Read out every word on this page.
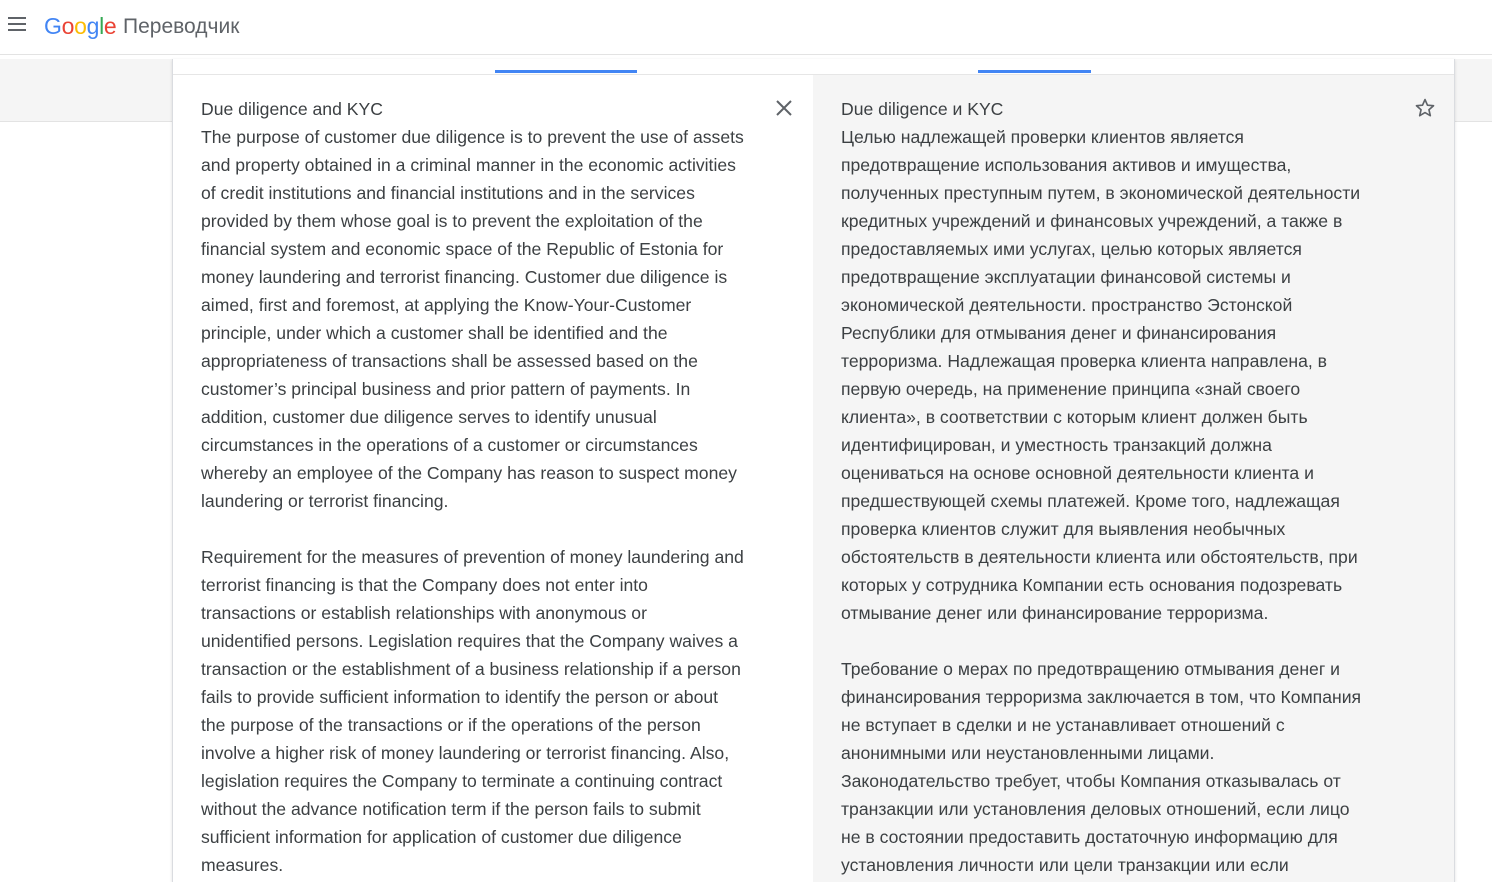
Google Переводчик
Due diligence and KYC
The purpose of customer due diligence is to prevent the use of assets
and property obtained in a criminal manner in the economic activities
of credit institutions and financial institutions and in the services
provided by them whose goal is to prevent the exploitation of the
financial system and economic space of the Republic of Estonia for
money laundering and terrorist financing. Customer due diligence is
aimed, first and foremost, at applying the Know-Your-Customer
principle, under which a customer shall be identified and the
appropriateness of transactions shall be assessed based on the
customer’s principal business and prior pattern of payments. In
addition, customer due diligence serves to identify unusual
circumstances in the operations of a customer or circumstances
whereby an employee of the Company has reason to suspect money
laundering or terrorist financing.

Requirement for the measures of prevention of money laundering and
terrorist financing is that the Company does not enter into
transactions or establish relationships with anonymous or
unidentified persons. Legislation requires that the Company waives a
transaction or the establishment of a business relationship if a person
fails to provide sufficient information to identify the person or about
the purpose of the transactions or if the operations of the person
involve a higher risk of money laundering or terrorist financing. Also,
legislation requires the Company to terminate a continuing contract
without the advance notification term if the person fails to submit
sufficient information for application of customer due diligence
measures.
Due diligence и KYC
Целью надлежащей проверки клиентов является
предотвращение использования активов и имущества,
полученных преступным путем, в экономической деятельности
кредитных учреждений и финансовых учреждений, а также в
предоставляемых ими услугах, целью которых является
предотвращение эксплуатации финансовой системы и
экономической деятельности. пространство Эстонской
Республики для отмывания денег и финансирования
терроризма. Надлежащая проверка клиента направлена, в
первую очередь, на применение принципа «знай своего
клиента», в соответствии с которым клиент должен быть
идентифицирован, и уместность транзакций должна
оцениваться на основе основной деятельности клиента и
предшествующей схемы платежей. Кроме того, надлежащая
проверка клиентов служит для выявления необычных
обстоятельств в деятельности клиента или обстоятельств, при
которых у сотрудника Компании есть основания подозревать
отмывание денег или финансирование терроризма.

Требование о мерах по предотвращению отмывания денег и
финансирования терроризма заключается в том, что Компания
не вступает в сделки и не устанавливает отношений с
анонимными или неустановленными лицами.
Законодательство требует, чтобы Компания отказывалась от
транзакции или установления деловых отношений, если лицо
не в состоянии предоставить достаточную информацию для
установления личности или цели транзакции или если
